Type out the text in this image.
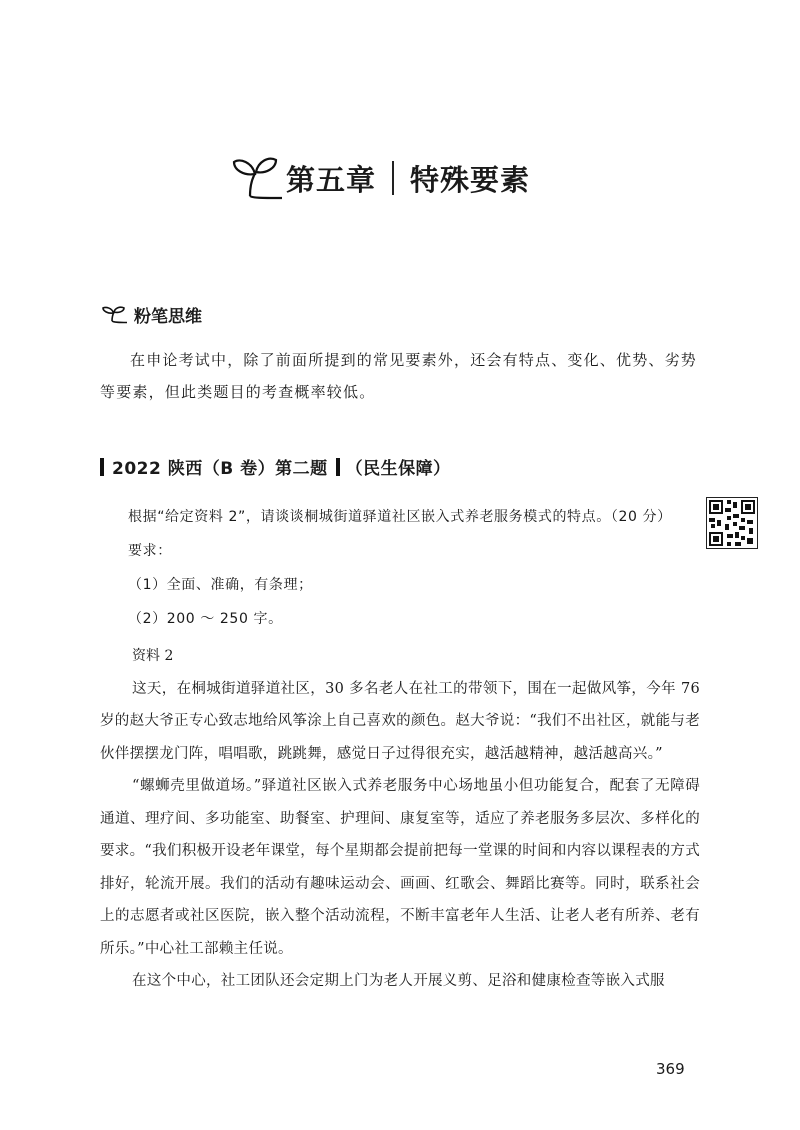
第五章 特殊要素
粉笔思维
在申论考试中，除了前面所提到的常见要素外，还会有特点、变化、优势、劣势等要素，但此类题目的考查概率较低。
2022 陕西（B 卷）第二题 （民生保障）
根据“给定资料 2”，请谈谈桐城街道驿道社区嵌入式养老服务模式的特点。（20 分）
要求：
（1）全面、准确，有条理；
（2）200 ～ 250 字。
资料 2

这天，在桐城街道驿道社区，30 多名老人在社工的带领下，围在一起做风筝，今年 76 岁的赵大爷正专心致志地给风筝涂上自己喜欢的颜色。赵大爷说：“我们不出社区，就能与老伙伴摆摆龙门阵，唱唱歌，跳跳舞，感觉日子过得很充实，越活越精神，越活越高兴。”

“螺蛳壳里做道场。”驿道社区嵌入式养老服务中心场地虽小但功能复合，配套了无障碍通道、理疗间、多功能室、助餐室、护理间、康复室等，适应了养老服务多层次、多样化的要求。“我们积极开设老年课堂，每个星期都会提前把每一堂课的时间和内容以课程表的方式排好，轮流开展。我们的活动有趣味运动会、画画、红歌会、舞蹈比赛等。同时，联系社会上的志愿者或社区医院，嵌入整个活动流程，不断丰富老年人生活、让老人老有所养、老有所乐。”中心社工部赖主任说。

在这个中心，社工团队还会定期上门为老人开展义剪、足浴和健康检查等嵌入式服

369
